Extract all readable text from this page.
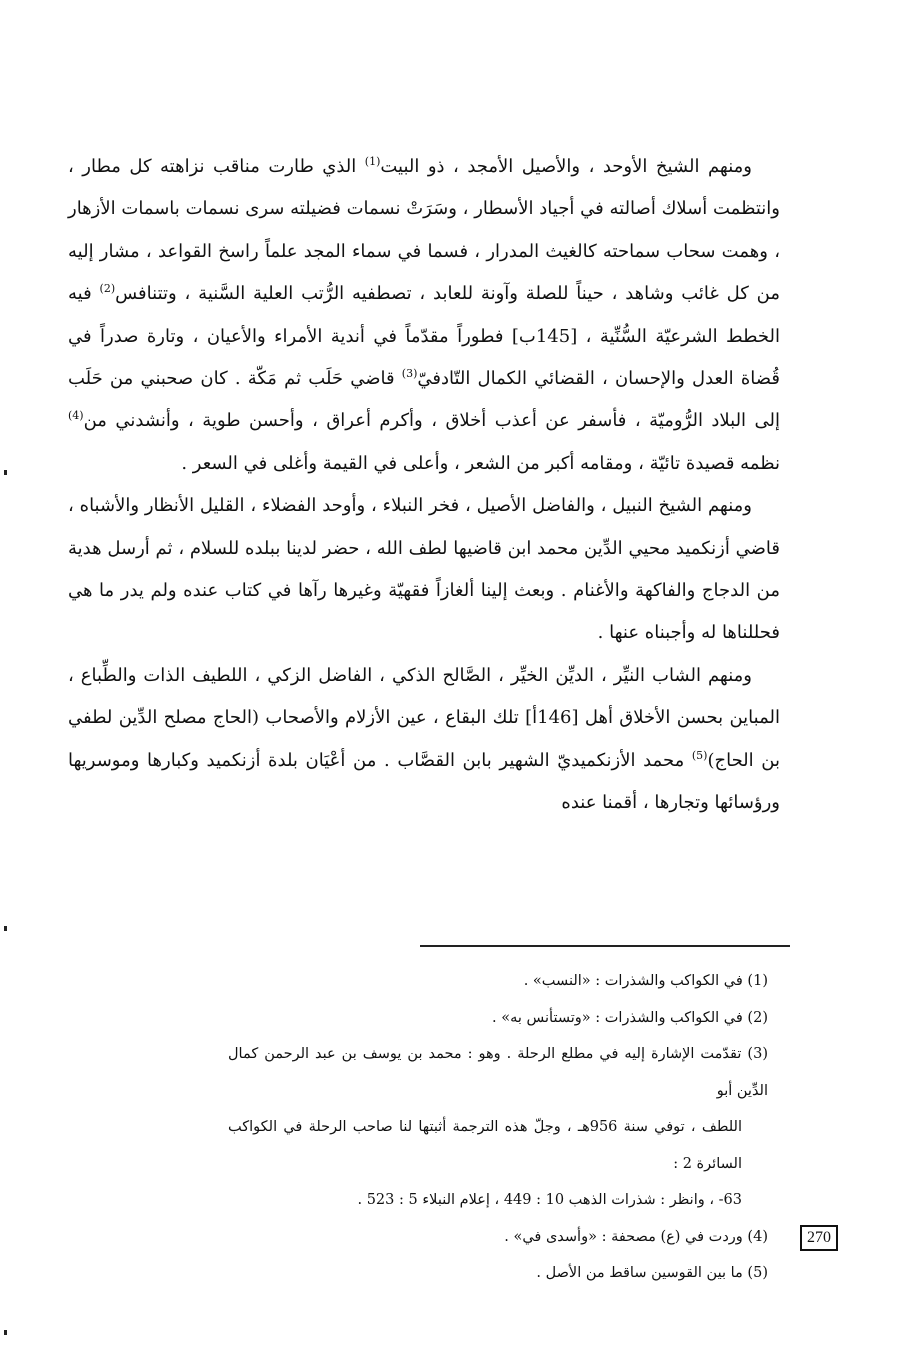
ومنهم الشيخ الأوحد ، والأصيل الأمجد ، ذو البيت$^{(1)}$ الذي طارت مناقب نزاهته كل مطار ، وانتظمت أسلاك أصالته في أجياد الأسطار ، وسَرَتْ نسمات فضيلته سرى نسمات باسمات الأزهار ، وهمت سحاب سماحته كالغيث المدرار ، فسما في سماء المجد علماً راسخ القواعد ، مشار إليه من كل غائب وشاهد ، حيناً للصلة وآونة للعابد ، تصطفيه الرُّتب العلية السَّنية ، وتتنافس$^{(2)}$ فيه الخطط الشرعيّة السُّنِّية ، [145ب] فطوراً مقدّماً في أندية الأمراء والأعيان ، وتارة صدراً في قُضاة العدل والإحسان ، القضائي الكمال التّادفيّ$^{(3)}$ قاضي حَلَب ثم مَكّة . كان صحبني من حَلَب إلى البلاد الرُّوميّة ، فأسفر عن أعذب أخلاق ، وأكرم أعراق ، وأحسن طوية ، وأنشدني من$^{(4)}$ نظمه قصيدة تائيّة ، ومقامه أكبر من الشعر ، وأعلى في القيمة وأغلى في السعر .

ومنهم الشيخ النبيل ، والفاضل الأصيل ، فخر النبلاء ، وأوحد الفضلاء ، القليل الأنظار والأشباه ، قاضي أزنكميد محيي الدِّين محمد ابن قاضيها لطف الله ، حضر لدينا ببلده للسلام ، ثم أرسل هدية من الدجاج والفاكهة والأغنام . وبعث إلينا ألغازاً فقهيّة وغيرها رآها في كتاب عنده ولم يدر ما هي فحللناها له وأجبناه عنها .

ومنهم الشاب النيِّر ، الديِّن الخيِّر ، الصَّالح الذكي ، الفاضل الزكي ، اللطيف الذات والطِّباع ، المباين بحسن الأخلاق أهل [146أ] تلك البقاع ، عين الأزلام والأصحاب (الحاج مصلح الدِّين لطفي بن الحاج)$^{(5)}$ محمد الأزنكميديّ الشهير بابن القصَّاب . من أعْيَان بلدة أزنكميد وكبارها وموسريها ورؤسائها وتجارها ، أقمنا عنده

(1) في الكواكب والشذرات : «النسب» .

(2) في الكواكب والشذرات : «وتستأنس به» .

(3) تقدّمت الإشارة إليه في مطلع الرحلة . وهو : محمد بن يوسف بن عبد الرحمن كمال الدِّين أبو

اللطف ، توفي سنة 956هـ ، وجلّ هذه الترجمة أثبتها لنا صاحب الرحلة في الكواكب السائرة 2 :

63- ، وانظر : شذرات الذهب 10 : 449 ، إعلام النبلاء 5 : 523 .

(4) وردت في (ع) مصحفة : «وأسدى في» .

(5) ما بين القوسين ساقط من الأصل .

270
